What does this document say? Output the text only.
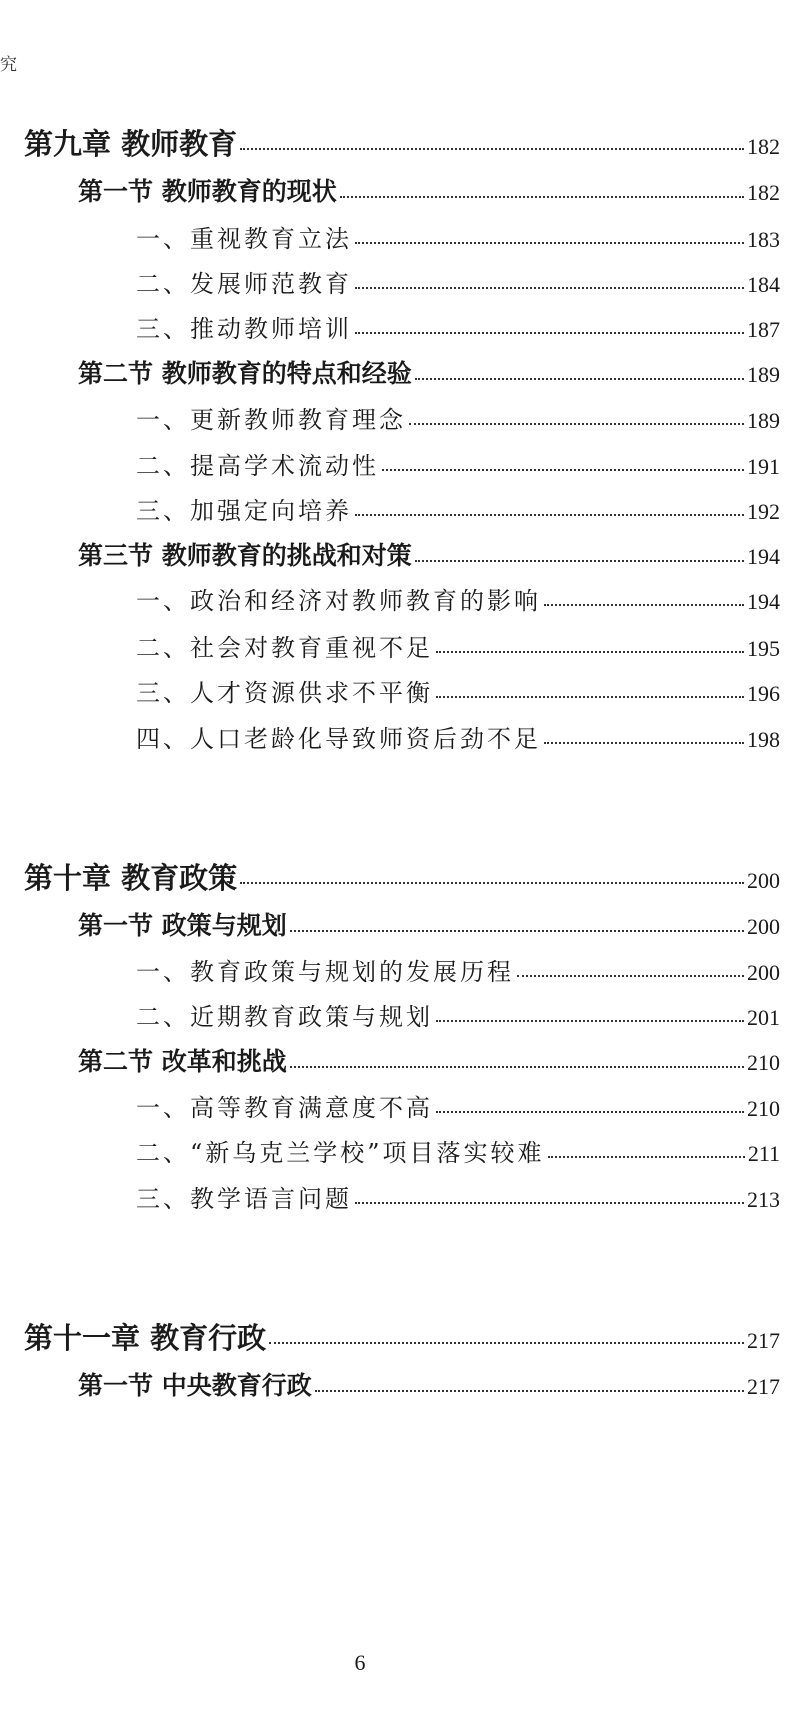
究
第九章 教师教育	182
第一节 教师教育的现状	182
一、重视教育立法	183
二、发展师范教育	184
三、推动教师培训	187
第二节 教师教育的特点和经验	189
一、更新教师教育理念	189
二、提高学术流动性	191
三、加强定向培养	192
第三节 教师教育的挑战和对策	194
一、政治和经济对教师教育的影响	194
二、社会对教育重视不足	195
三、人才资源供求不平衡	196
四、人口老龄化导致师资后劲不足	198
第十章 教育政策	200
第一节 政策与规划	200
一、教育政策与规划的发展历程	200
二、近期教育政策与规划	201
第二节 改革和挑战	210
一、高等教育满意度不高	210
二、“新乌克兰学校”项目落实较难	211
三、教学语言问题	213
第十一章 教育行政	217
第一节 中央教育行政	217
6
